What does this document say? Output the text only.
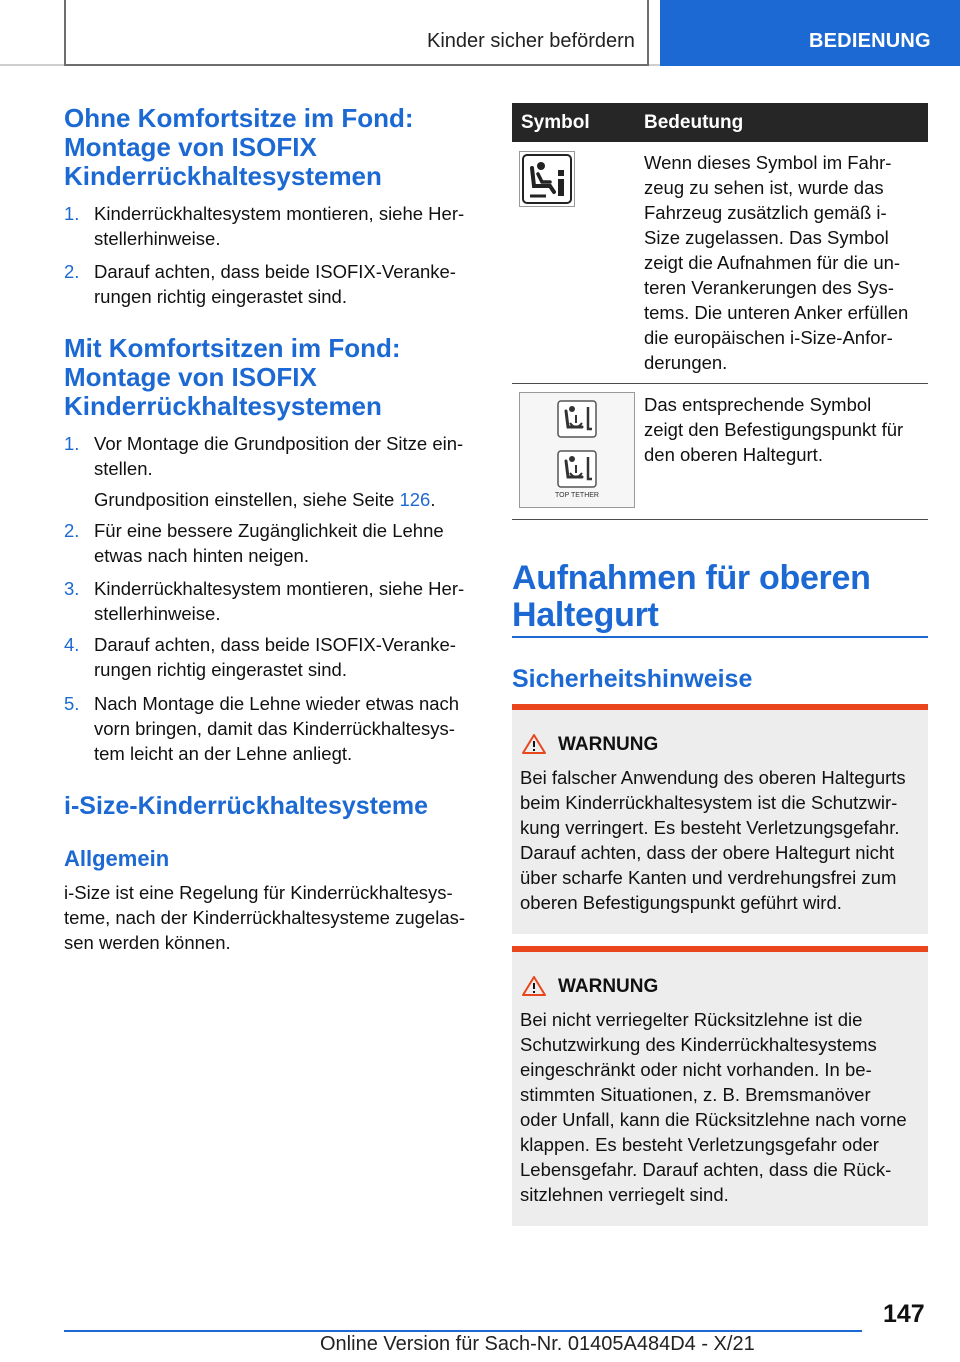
Kinder sicher befördern	BEDIENUNG
Ohne Komfortsitze im Fond:
Montage von ISOFIX
Kinderrückhaltesystemen
1. Kinderrückhaltesystem montieren, siehe Her-
stellerhinweise.
2. Darauf achten, dass beide ISOFIX-Veranke-
rungen richtig eingerastet sind.
Mit Komfortsitzen im Fond:
Montage von ISOFIX
Kinderrückhaltesystemen
1. Vor Montage die Grundposition der Sitze ein-
stellen.
Grundposition einstellen, siehe Seite 126.
2. Für eine bessere Zugänglichkeit die Lehne
etwas nach hinten neigen.
3. Kinderrückhaltesystem montieren, siehe Her-
stellerhinweise.
4. Darauf achten, dass beide ISOFIX-Veranke-
rungen richtig eingerastet sind.
5. Nach Montage die Lehne wieder etwas nach
vorn bringen, damit das Kinderrückhaltesys-
tem leicht an der Lehne anliegt.
i-Size-Kinderrückhaltesysteme
Allgemein
i-Size ist eine Regelung für Kinderrückhaltesys-
teme, nach der Kinderrückhaltesysteme zugelas-
sen werden können.
Symbol	Bedeutung
Wenn dieses Symbol im Fahr-
zeug zu sehen ist, wurde das
Fahrzeug zusätzlich gemäß i-
Size zugelassen. Das Symbol
zeigt die Aufnahmen für die un-
teren Verankerungen des Sys-
tems. Die unteren Anker erfüllen
die europäischen i-Size-Anfor-
derungen.
TOP TETHER
Das entsprechende Symbol
zeigt den Befestigungspunkt für
den oberen Haltegurt.
Aufnahmen für oberen
Haltegurt
Sicherheitshinweise
WARNUNG
Bei falscher Anwendung des oberen Haltegurts
beim Kinderrückhaltesystem ist die Schutzwir-
kung verringert. Es besteht Verletzungsgefahr.
Darauf achten, dass der obere Haltegurt nicht
über scharfe Kanten und verdrehungsfrei zum
oberen Befestigungspunkt geführt wird.
WARNUNG
Bei nicht verriegelter Rücksitzlehne ist die
Schutzwirkung des Kinderrückhaltesystems
eingeschränkt oder nicht vorhanden. In be-
stimmten Situationen, z. B. Bremsmanöver
oder Unfall, kann die Rücksitzlehne nach vorne
klappen. Es besteht Verletzungsgefahr oder
Lebensgefahr. Darauf achten, dass die Rück-
sitzlehnen verriegelt sind.
147
Online Version für Sach-Nr. 01405A484D4 - X/21
